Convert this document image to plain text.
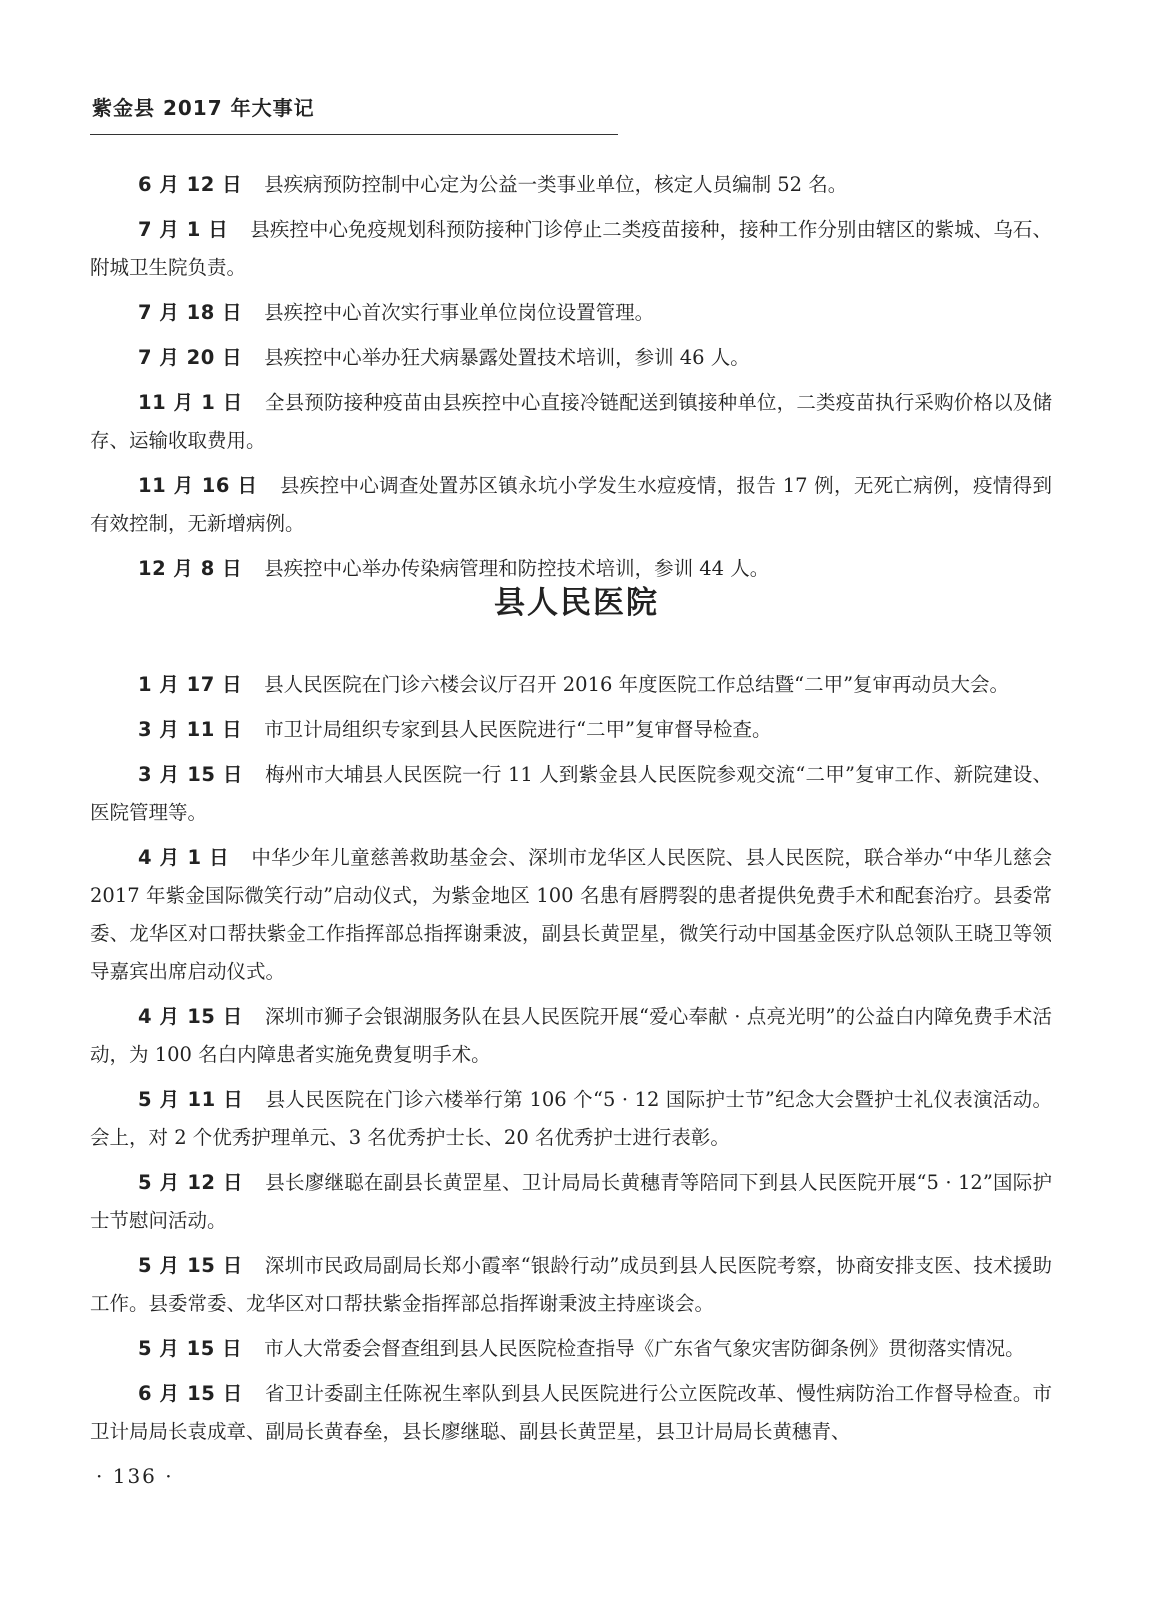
紫金县 2017 年大事记

6 月 12 日 县疾病预防控制中心定为公益一类事业单位，核定人员编制 52 名。

7 月 1 日 县疾控中心免疫规划科预防接种门诊停止二类疫苗接种，接种工作分别由辖区的紫城、乌石、附城卫生院负责。

7 月 18 日 县疾控中心首次实行事业单位岗位设置管理。

7 月 20 日 县疾控中心举办狂犬病暴露处置技术培训，参训 46 人。

11 月 1 日 全县预防接种疫苗由县疾控中心直接冷链配送到镇接种单位，二类疫苗执行采购价格以及储存、运输收取费用。

11 月 16 日 县疾控中心调查处置苏区镇永坑小学发生水痘疫情，报告 17 例，无死亡病例，疫情得到有效控制，无新增病例。

12 月 8 日 县疾控中心举办传染病管理和防控技术培训，参训 44 人。

县人民医院

1 月 17 日 县人民医院在门诊六楼会议厅召开 2016 年度医院工作总结暨“二甲”复审再动员大会。

3 月 11 日 市卫计局组织专家到县人民医院进行“二甲”复审督导检查。

3 月 15 日 梅州市大埔县人民医院一行 11 人到紫金县人民医院参观交流“二甲”复审工作、新院建设、医院管理等。

4 月 1 日 中华少年儿童慈善救助基金会、深圳市龙华区人民医院、县人民医院，联合举办“中华儿慈会 2017 年紫金国际微笑行动”启动仪式，为紫金地区 100 名患有唇腭裂的患者提供免费手术和配套治疗。县委常委、龙华区对口帮扶紫金工作指挥部总指挥谢秉波，副县长黄罡星，微笑行动中国基金医疗队总领队王晓卫等领导嘉宾出席启动仪式。

4 月 15 日 深圳市狮子会银湖服务队在县人民医院开展“爱心奉献 · 点亮光明”的公益白内障免费手术活动，为 100 名白内障患者实施免费复明手术。

5 月 11 日 县人民医院在门诊六楼举行第 106 个“5 · 12 国际护士节”纪念大会暨护士礼仪表演活动。会上，对 2 个优秀护理单元、3 名优秀护士长、20 名优秀护士进行表彰。

5 月 12 日 县长廖继聪在副县长黄罡星、卫计局局长黄穗青等陪同下到县人民医院开展“5 · 12”国际护士节慰问活动。

5 月 15 日 深圳市民政局副局长郑小霞率“银龄行动”成员到县人民医院考察，协商安排支医、技术援助工作。县委常委、龙华区对口帮扶紫金指挥部总指挥谢秉波主持座谈会。

5 月 15 日 市人大常委会督查组到县人民医院检查指导《广东省气象灾害防御条例》贯彻落实情况。

6 月 15 日 省卫计委副主任陈祝生率队到县人民医院进行公立医院改革、慢性病防治工作督导检查。市卫计局局长袁成章、副局长黄春垒，县长廖继聪、副县长黄罡星，县卫计局局长黄穗青、

· 136 ·
